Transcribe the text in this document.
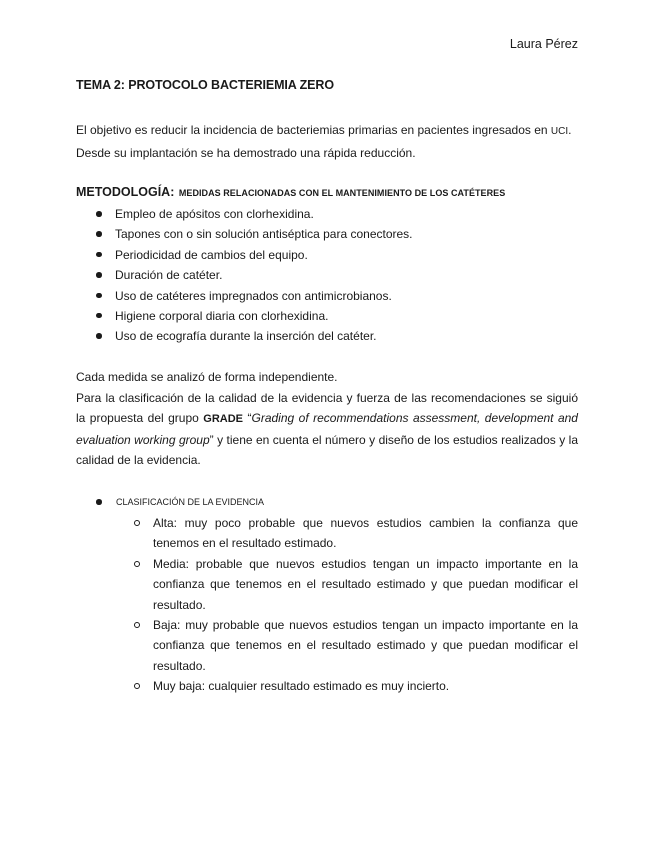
Laura Pérez
TEMA 2: PROTOCOLO BACTERIEMIA ZERO
El objetivo es reducir la incidencia de bacteriemias primarias en pacientes ingresados en UCI.
Desde su implantación se ha demostrado una rápida reducción.
METODOLOGÍA: MEDIDAS RELACIONADAS CON EL MANTENIMIENTO DE LOS CATÉTERES
Empleo de apósitos con clorhexidina.
Tapones con o sin solución antiséptica para conectores.
Periodicidad de cambios del equipo.
Duración de catéter.
Uso de catéteres impregnados con antimicrobianos.
Higiene corporal diaria con clorhexidina.
Uso de ecografía durante la inserción del catéter.
Cada medida se analizó de forma independiente.
Para la clasificación de la calidad de la evidencia y fuerza de las recomendaciones se siguió la propuesta del grupo GRADE “Grading of recommendations assessment, development and evaluation working group” y tiene en cuenta el número y diseño de los estudios realizados y la calidad de la evidencia.
CLASIFICACIÓN DE LA EVIDENCIA
Alta: muy poco probable que nuevos estudios cambien la confianza que tenemos en el resultado estimado.
Media: probable que nuevos estudios tengan un impacto importante en la confianza que tenemos en el resultado estimado y que puedan modificar el resultado.
Baja: muy probable que nuevos estudios tengan un impacto importante en la confianza que tenemos en el resultado estimado y que puedan modificar el resultado.
Muy baja: cualquier resultado estimado es muy incierto.
